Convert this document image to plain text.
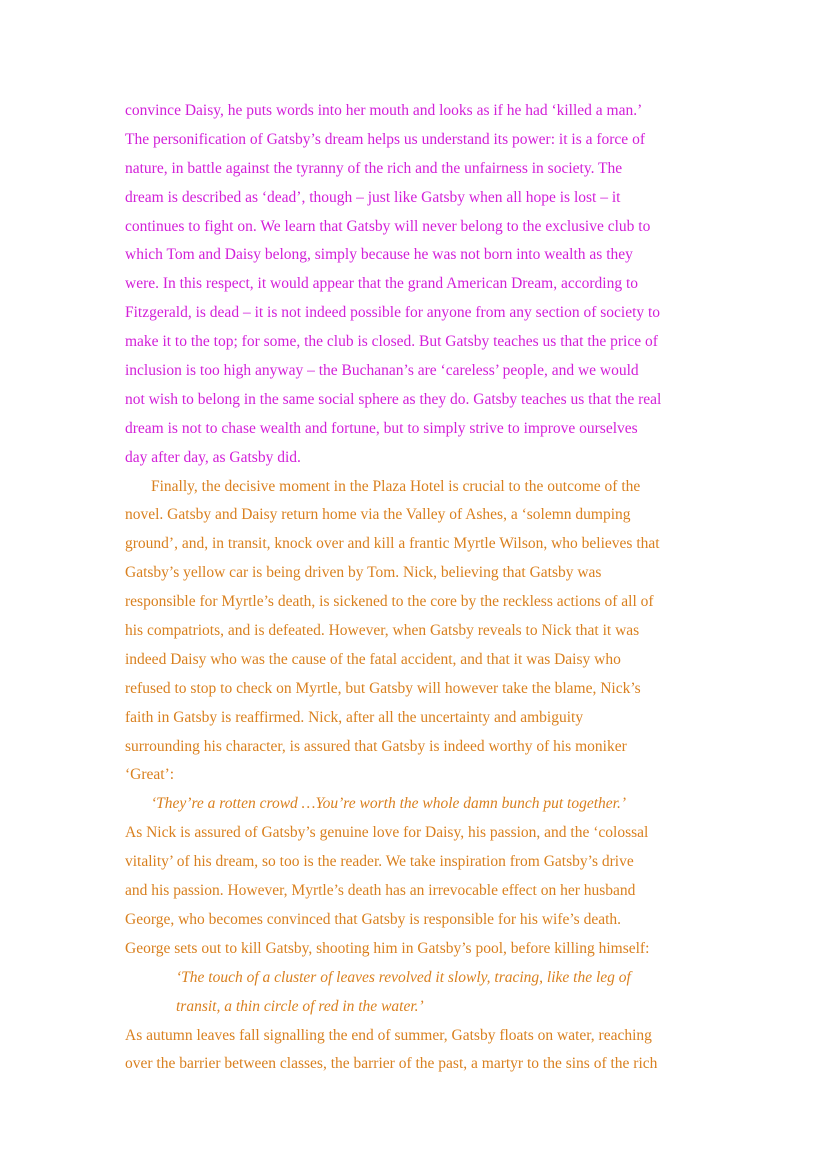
convince Daisy, he puts words into her mouth and looks as if he had ‘killed a man.’
The personification of Gatsby’s dream helps us understand its power: it is a force of
nature, in battle against the tyranny of the rich and the unfairness in society. The
dream is described as ‘dead’, though – just like Gatsby when all hope is lost – it
continues to fight on. We learn that Gatsby will never belong to the exclusive club to
which Tom and Daisy belong, simply because he was not born into wealth as they
were. In this respect, it would appear that the grand American Dream, according to
Fitzgerald, is dead – it is not indeed possible for anyone from any section of society to
make it to the top; for some, the club is closed. But Gatsby teaches us that the price of
inclusion is too high anyway – the Buchanan’s are ‘careless’ people, and we would
not wish to belong in the same social sphere as they do. Gatsby teaches us that the real
dream is not to chase wealth and fortune, but to simply strive to improve ourselves
day after day, as Gatsby did.
Finally, the decisive moment in the Plaza Hotel is crucial to the outcome of the
novel. Gatsby and Daisy return home via the Valley of Ashes, a ‘solemn dumping
ground’, and, in transit, knock over and kill a frantic Myrtle Wilson, who believes that
Gatsby’s yellow car is being driven by Tom. Nick, believing that Gatsby was
responsible for Myrtle’s death, is sickened to the core by the reckless actions of all of
his compatriots, and is defeated. However, when Gatsby reveals to Nick that it was
indeed Daisy who was the cause of the fatal accident, and that it was Daisy who
refused to stop to check on Myrtle, but Gatsby will however take the blame, Nick’s
faith in Gatsby is reaffirmed. Nick, after all the uncertainty and ambiguity
surrounding his character, is assured that Gatsby is indeed worthy of his moniker
‘Great’:
‘They’re a rotten crowd …You’re worth the whole damn bunch put together.’
As Nick is assured of Gatsby’s genuine love for Daisy, his passion, and the ‘colossal
vitality’ of his dream, so too is the reader. We take inspiration from Gatsby’s drive
and his passion. However, Myrtle’s death has an irrevocable effect on her husband
George, who becomes convinced that Gatsby is responsible for his wife’s death.
George sets out to kill Gatsby, shooting him in Gatsby’s pool, before killing himself:
‘The touch of a cluster of leaves revolved it slowly, tracing, like the leg of
transit, a thin circle of red in the water.’
As autumn leaves fall signalling the end of summer, Gatsby floats on water, reaching
over the barrier between classes, the barrier of the past, a martyr to the sins of the rich
